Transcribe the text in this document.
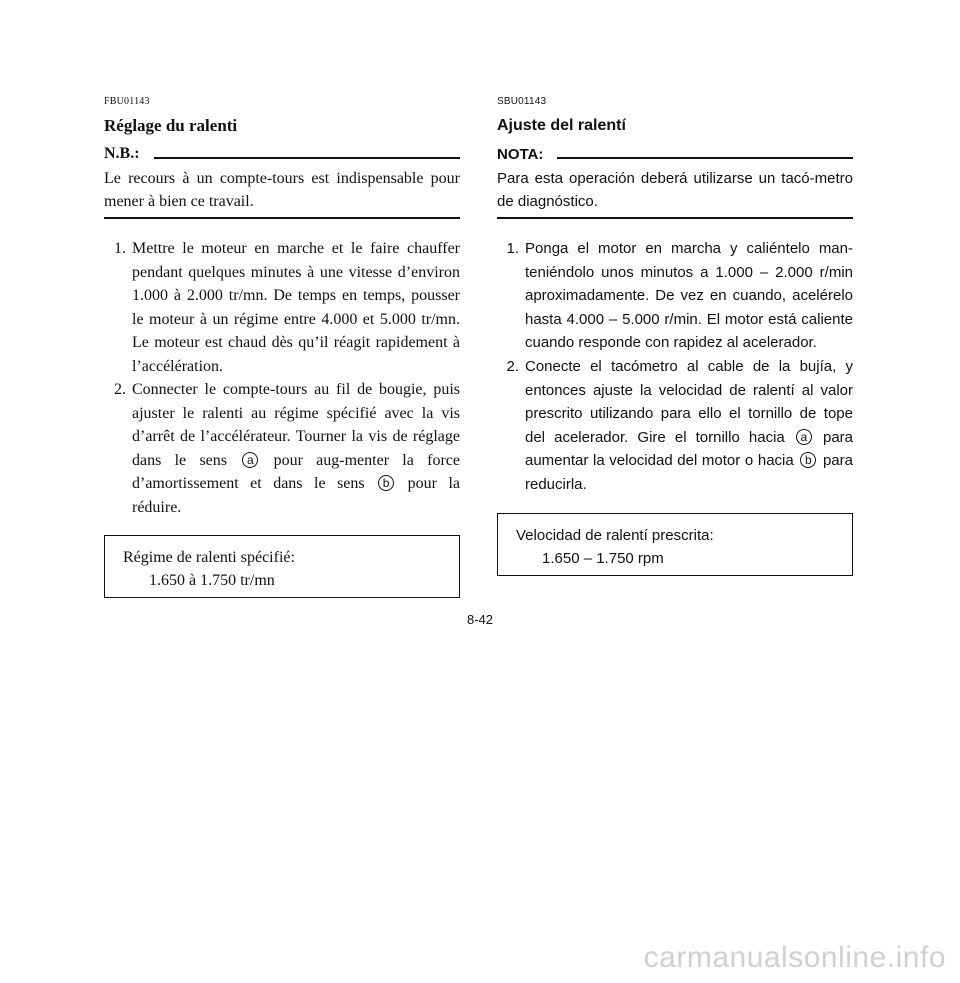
FBU01143
Réglage du ralenti
N.B.:
Le recours à un compte-tours est indispensable pour mener à bien ce travail.
1. Mettre le moteur en marche et le faire chauffer pendant quelques minutes à une vitesse d’environ 1.000 à 2.000 tr/mn. De temps en temps, pousser le moteur à un régime entre 4.000 et 5.000 tr/mn. Le moteur est chaud dès qu’il réagit rapidement à l’accélération.
2. Connecter le compte-tours au fil de bougie, puis ajuster le ralenti au régime spécifié avec la vis d’arrêt de l’accélérateur. Tourner la vis de réglage dans le sens a pour aug-menter la force d’amortissement et dans le sens b pour la réduire.
Régime de ralenti spécifié:
1.650 à 1.750 tr/mn
SBU01143
Ajuste del ralentí
NOTA:
Para esta operación deberá utilizarse un tacó-metro de diagnóstico.
1. Ponga el motor en marcha y caliéntelo man-teniéndolo unos minutos a 1.000 – 2.000 r/min aproximadamente. De vez en cuando, acelérelo hasta 4.000 – 5.000 r/min. El motor está caliente cuando responde con rapidez al acelerador.
2. Conecte el tacómetro al cable de la bujía, y entonces ajuste la velocidad de ralentí al valor prescrito utilizando para ello el tornillo de tope del acelerador. Gire el tornillo hacia a para aumentar la velocidad del motor o hacia b para reducirla.
Velocidad de ralentí prescrita:
1.650 – 1.750 rpm
8-42
carmanualsonline.info
